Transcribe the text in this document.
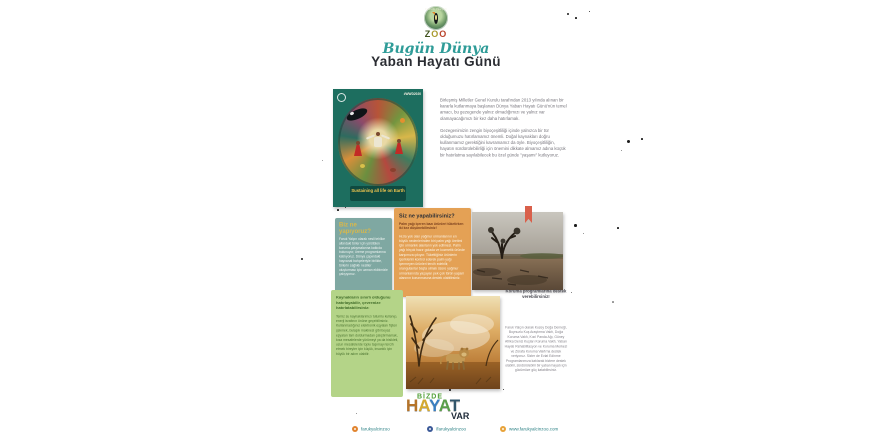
FARUK YALÇIN
ZOO
Bugün Dünya
Yaban Hayatı Günü
#WWD2020
Sustaining all life on Earth

Birleşmiş Milletler Genel Kurulu tarafından 2013 yılında alınan bir kararla kutlanmaya başlanan Dünya Yaban Hayatı Günü'nün temel amacı, bu gezegende yalnız olmadığımızı ve yalnız var olamayacağımızı bir kez daha hatırlamak.

Gezegenimizin zengin biyoçeşitliliği içinde yalnızca bir tür olduğumuzu hatırlamamız önemli. Doğal kaynakları doğru kullanmamız gerektiğini kavramamız da öyle. Biyoçeşitliliğin, hayatın sürdürülebilirliği için önemini dikkate almamız adına küçük bir hatırlatma sayılabilecek bu özel günde "yaşamı" kutluyoruz.

Biz ne yapıyoruz?
Faruk Yalçın olarak nesli tehlike altındaki türler için yürütülen koruma çalışmalarına katkıda bulunuyor, üreme programlarına katılıyoruz. Dünya çapındaki hayvanat bahçeleriyle birlikte, türlerin sağlıklı nesiller oluşturması için uzman ekibimizle çalışıyoruz.
Siz ne yapabilirsiniz?
Palm yağı içeren bazı ürünleri tüketirken iki kez düşünebilirsiniz!
Hızla yok olan yağmur ormanlarının en büyük nedenlerinden biri palm yağı üretimi için ormanlık alanların yok edilmesi. Palm yağı birçok hazır gıdada ve kozmetik üründe karşımıza çıkıyor. Tükettiğiniz ürünlerin içeriklerini kontrol ederek palm yağı içermeyen ürünleri tercih edebilir, orangutanlar başta olmak üzere yağmur ormanlarında yaşayan pek çok türün yaşam alanının korunmasına destek olabilirsiniz.
Kaynakların sınırlı olduğunu hatırlayabilir, çevrenize hatırlatabilirsiniz:
Temiz su kaynaklarımızı tutumlu kullanıp, enerji israfının önüne geçebilirsiniz. Kullanmadığınız elektronik eşyaları fişten çekmek, bulaşık makinesi gibi beyaz eşyaları tam doldurmadan çalıştırmamak, kısa mesafelerde yürümeyi ya da bisikleti, uzun mesafelerde toplu taşımayı tercih etmek bireyler için küçük, insanlık için büyük bir adım olabilir.
Koruma programlarına destek verebilirsiniz!
Faruk Yalçın olarak Kuzey Doğa Derneği, Boynuzlu Kuş Araştırma Vakfı, Doğa Koruma Vakfı, Kızıl Panda Ağı, Güney Afrika Deniz Kuşları Koruma Vakfı, Yaban Hayatı Rehabilitasyon ve Koruma Merkezi ve Zürafa Koruma Vakfı'na destek veriyoruz. Sizler de Evlat Edinme Programlarımıza katılarak bizlere destek olabilir, sürdürülebilir bir yaban hayatı için gücümüze güç katabilirsiniz.
BİZDE
HAYAT
VAR
farukyalcinzoo	/farukyalcinzoo	www.farukyalcinzoo.com
